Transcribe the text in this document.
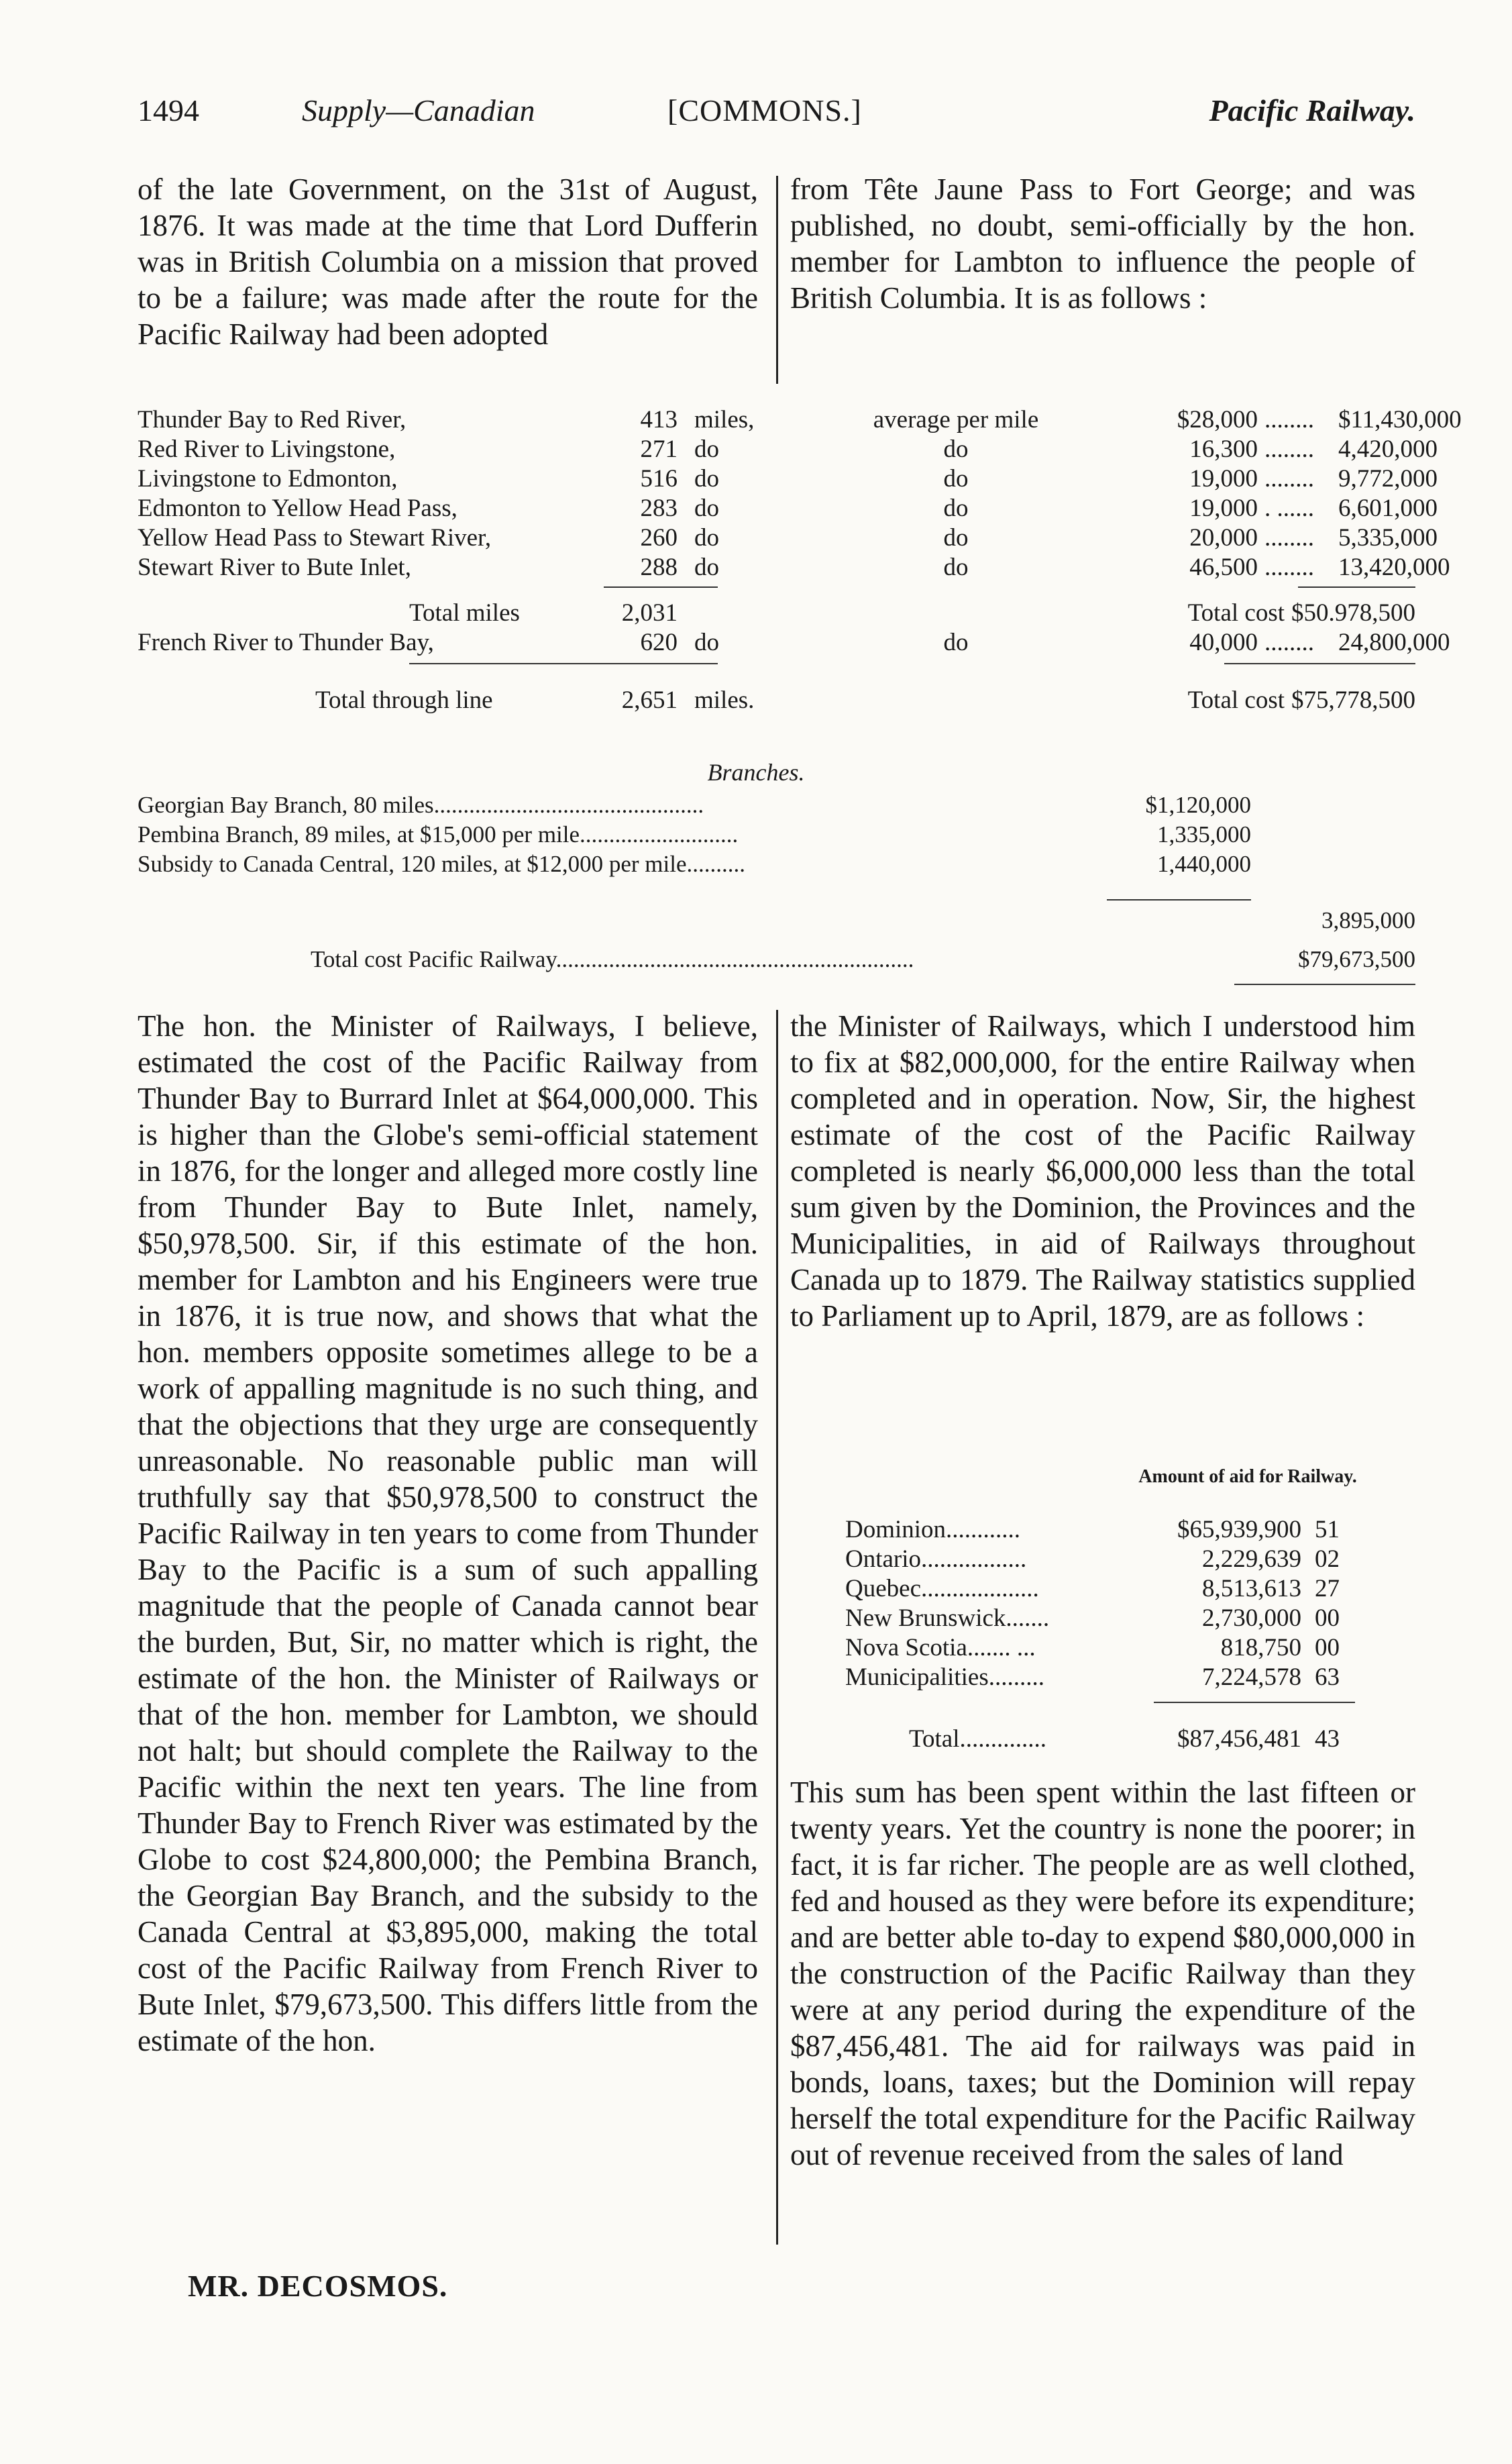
1494	Supply—Canadian	[COMMONS.]	Pacific Railway.

of the late Government, on the 31st of August, 1876. It was made at the time that Lord Dufferin was in British Columbia on a mission that proved to be a failure; was made after the route for the Pacific Railway had been adopted

from Tête Jaune Pass to Fort George; and was published, no doubt, semi-officially by the hon. member for Lambton to influence the people of British Columbia. It is as follows :

Thunder Bay to Red River,	413 miles,	average per mile	$28,000 ........ $11,430,000
Red River to Livingstone,	271 do	do	16,300 ........ 4,420,000
Livingstone to Edmonton,	516 do	do	19,000 ........ 9,772,000
Edmonton to Yellow Head Pass,	283 do	do	19,000 . ...... 6,601,000
Yellow Head Pass to Stewart River,	260 do	do	20,000 ........ 5,335,000
Stewart River to Bute Inlet,	288 do	do	46,500 ........ 13,420,000
Total miles	2,031	Total cost $50.978,500
French River to Thunder Bay,	620 do	do	40,000 ........ 24,800,000
Total through line	2,651 miles.	Total cost $75,778,500
Branches.
Georgian Bay Branch, 80 miles..............................................	$1,120,000
Pembina Branch, 89 miles, at $15,000 per mile...........................	1,335,000
Subsidy to Canada Central, 120 miles, at $12,000 per mile..........	1,440,000
3,895,000
Total cost Pacific Railway.............................................................	$79,673,500

The hon. the Minister of Railways, I believe, estimated the cost of the Pacific Railway from Thunder Bay to Burrard Inlet at $64,000,000. This is higher than the Globe's semi-official statement in 1876, for the longer and alleged more costly line from Thunder Bay to Bute Inlet, namely, $50,978,500. Sir, if this estimate of the hon. member for Lambton and his Engineers were true in 1876, it is true now, and shows that what the hon. members opposite sometimes allege to be a work of appalling magnitude is no such thing, and that the objections that they urge are consequently unreasonable. No reasonable public man will truthfully say that $50,978,500 to construct the Pacific Railway in ten years to come from Thunder Bay to the Pacific is a sum of such appalling magnitude that the people of Canada cannot bear the burden, But, Sir, no matter which is right, the estimate of the hon. the Minister of Railways or that of the hon. member for Lambton, we should not halt; but should complete the Railway to the Pacific within the next ten years. The line from Thunder Bay to French River was estimated by the Globe to cost $24,800,000; the Pembina Branch, the Georgian Bay Branch, and the subsidy to the Canada Central at $3,895,000, making the total cost of the Pacific Railway from French River to Bute Inlet, $79,673,500. This differs little from the estimate of the hon.

the Minister of Railways, which I understood him to fix at $82,000,000, for the entire Railway when completed and in operation. Now, Sir, the highest estimate of the cost of the Pacific Railway completed is nearly $6,000,000 less than the total sum given by the Dominion, the Provinces and the Municipalities, in aid of Railways throughout Canada up to 1879. The Railway statistics supplied to Parliament up to April, 1879, are as follows :

Amount of aid for Railway.
Dominion............	$65,939,900 51
Ontario.................	2,229,639 02
Quebec...................	8,513,613 27
New Brunswick.......	2,730,000 00
Nova Scotia....... ...	818,750 00
Municipalities.........	7,224,578 63
Total..............	$87,456,481 43

This sum has been spent within the last fifteen or twenty years. Yet the country is none the poorer; in fact, it is far richer. The people are as well clothed, fed and housed as they were before its expenditure; and are better able to-day to expend $80,000,000 in the construction of the Pacific Railway than they were at any period during the expenditure of the $87,456,481. The aid for railways was paid in bonds, loans, taxes; but the Dominion will repay herself the total expenditure for the Pacific Railway out of revenue received from the sales of land

MR. DECOSMOS.
